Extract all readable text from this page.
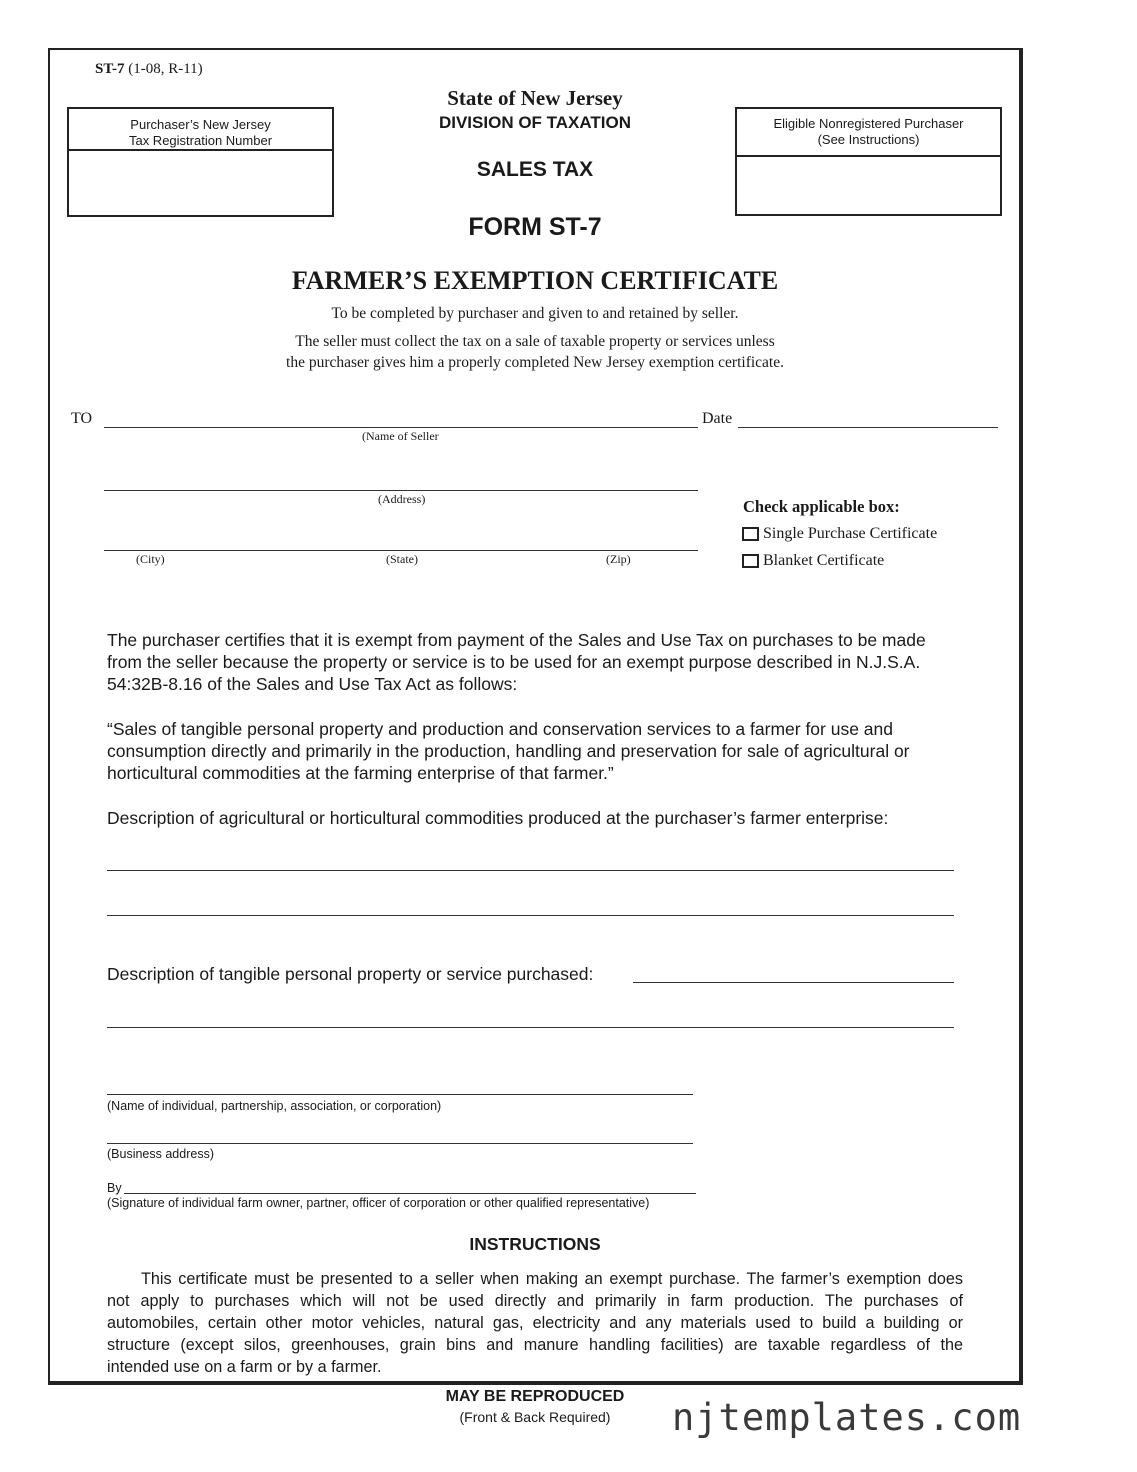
ST-7 (1-08, R-11)
State of New Jersey
DIVISION OF TAXATION
SALES TAX
FORM ST-7
Purchaser’s New Jersey
Tax Registration Number
Eligible Nonregistered Purchaser
(See Instructions)
FARMER’S EXEMPTION CERTIFICATE
To be completed by purchaser and given to and retained by seller.
The seller must collect the tax on a sale of taxable property or services unless
the purchaser gives him a properly completed New Jersey exemption certificate.
TO
(Name of Seller
Date
(Address)
(City)	(State)	(Zip)
Check applicable box:
Single Purchase Certificate
Blanket Certificate
The purchaser certifies that it is exempt from payment of the Sales and Use Tax on purchases to be made
from the seller because the property or service is to be used for an exempt purpose described in N.J.S.A.
54:32B-8.16 of the Sales and Use Tax Act as follows:
“Sales of tangible personal property and production and conservation services to a farmer for use and
consumption directly and primarily in the production, handling and preservation for sale of agricultural or
horticultural commodities at the farming enterprise of that farmer.”
Description of agricultural or horticultural commodities produced at the purchaser’s farmer enterprise:
Description of tangible personal property or service purchased:
(Name of individual, partnership, association, or corporation)
(Business address)
By
(Signature of individual farm owner, partner, officer of corporation or other qualified representative)
INSTRUCTIONS
This certificate must be presented to a seller when making an exempt purchase. The farmer’s exemption does
not apply to purchases which will not be used directly and primarily in farm production. The purchases of
automobiles, certain other motor vehicles, natural gas, electricity and any materials used to build a building or
structure (except silos, greenhouses, grain bins and manure handling facilities) are taxable regardless of the
intended use on a farm or by a farmer.
MAY BE REPRODUCED
(Front & Back Required)	njtemplates.com
